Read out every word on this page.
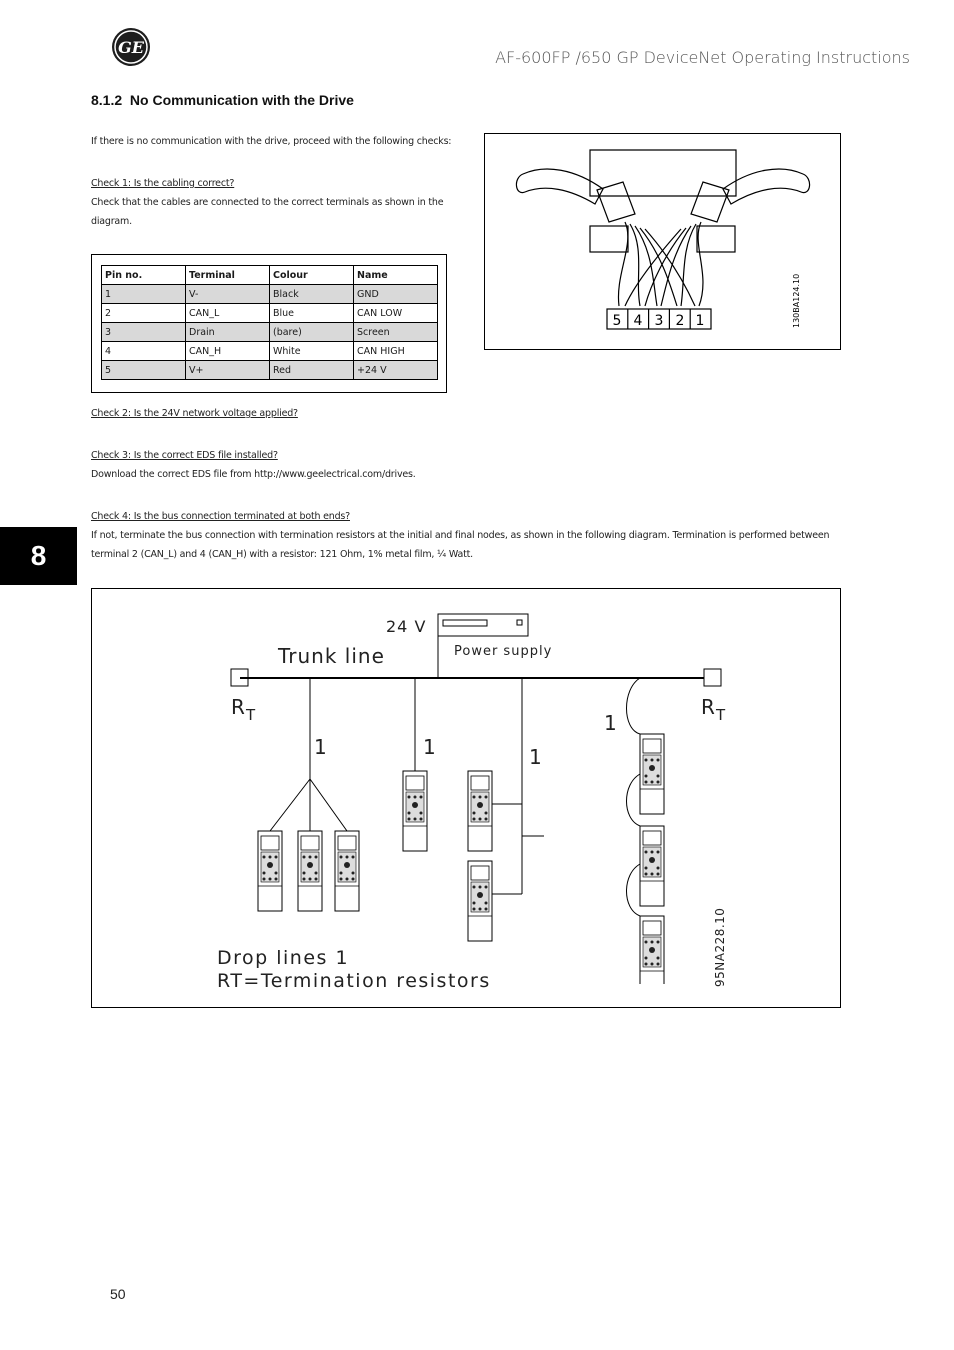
GE
AF-600FP /650 GP DeviceNet Operating Instructions
8.1.2 No Communication with the Drive
If there is no communication with the drive, proceed with the following checks:
Check 1: Is the cabling correct?
Check that the cables are connected to the correct terminals as shown in the
diagram.
Pin no.	Terminal	Colour	Name
1	V-	Black	GND
2	CAN_L	Blue	CAN LOW
3	Drain	(bare)	Screen
4	CAN_H	White	CAN HIGH
5	V+	Red	+24 V
5 4 3 2 1	130BA124.10
Check 2: Is the 24V network voltage applied?
Check 3: Is the correct EDS file installed?
Download the correct EDS file from http://www.geelectrical.com/drives.
Check 4: Is the bus connection terminated at both ends?
If not, terminate the bus connection with termination resistors at the initial and final nodes, as shown in the following diagram. Termination is performed between
terminal 2 (CAN_L) and 4 (CAN_H) with a resistor: 121 Ohm, 1% metal film, ¼ Watt.
8
24 V
Trunk line	Power supply
R T	R T
1	1	1
1
Drop lines 1
RT=Termination resistors	95NA228.10
50
